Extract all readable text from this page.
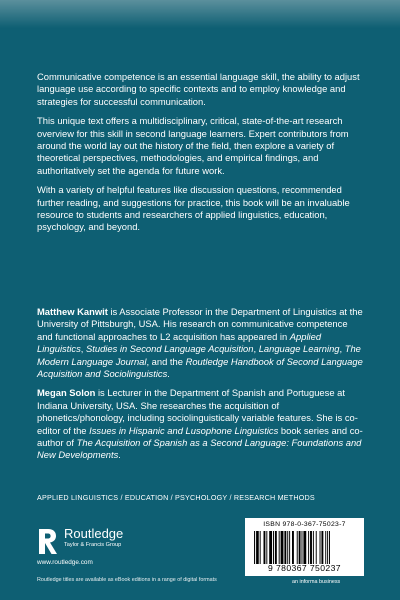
Communicative competence is an essential language skill, the ability to adjust language use according to specific contexts and to employ knowledge and strategies for successful communication.

This unique text offers a multidisciplinary, critical, state-of-the-art research overview for this skill in second language learners. Expert contributors from around the world lay out the history of the field, then explore a variety of theoretical perspectives, methodologies, and empirical findings, and authoritatively set the agenda for future work.

With a variety of helpful features like discussion questions, recommended further reading, and suggestions for practice, this book will be an invaluable resource to students and researchers of applied linguistics, education, psychology, and beyond.

Matthew Kanwit is Associate Professor in the Department of Linguistics at the University of Pittsburgh, USA. His research on communicative competence and functional approaches to L2 acquisition has appeared in Applied Linguistics, Studies in Second Language Acquisition, Language Learning, The Modern Language Journal, and the Routledge Handbook of Second Language Acquisition and Sociolinguistics.

Megan Solon is Lecturer in the Department of Spanish and Portuguese at Indiana University, USA. She researches the acquisition of phonetics/phonology, including sociolinguistically variable features. She is co-editor of the Issues in Hispanic and Lusophone Linguistics book series and co-author of The Acquisition of Spanish as a Second Language: Foundations and New Developments.

APPLIED LINGUISTICS / EDUCATION / PSYCHOLOGY / RESEARCH METHODS
Routledge
Taylor & Francis Group
www.routledge.com
Routledge titles are available as eBook editions in a range of digital formats
ISBN 978-0-367-75023-7
9 780367 750237
an informa business
